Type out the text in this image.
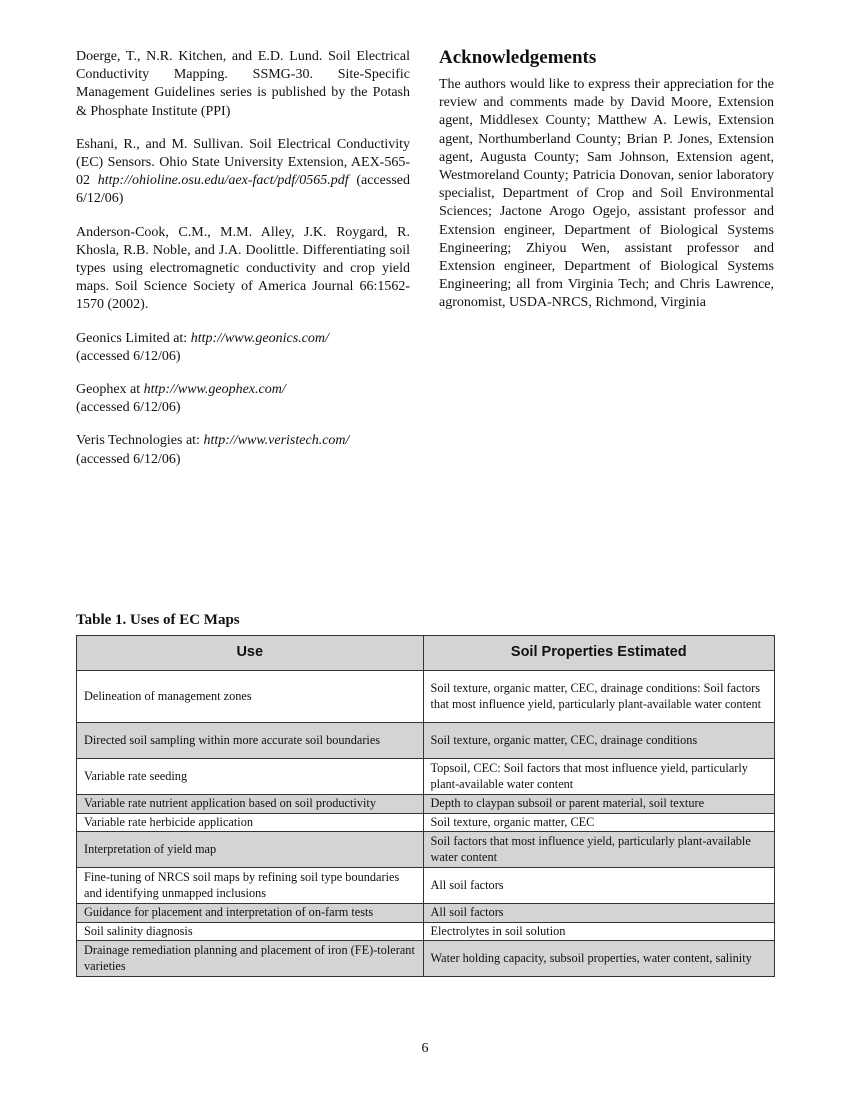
Doerge, T., N.R. Kitchen, and E.D. Lund. Soil Electrical Conductivity Mapping. SSMG-30. Site-Specific Management Guidelines series is published by the Potash & Phosphate Institute (PPI)

Eshani, R., and M. Sullivan. Soil Electrical Conductivity (EC) Sensors. Ohio State University Extension, AEX-565-02 http://ohioline.osu.edu/aex-fact/pdf/0565.pdf (accessed 6/12/06)

Anderson-Cook, C.M., M.M. Alley, J.K. Roygard, R. Khosla, R.B. Noble, and J.A. Doolittle. Differentiating soil types using electromagnetic conductivity and crop yield maps. Soil Science Society of America Journal 66:1562-1570 (2002).

Geonics Limited at: http://www.geonics.com/
(accessed 6/12/06)

Geophex at http://www.geophex.com/
(accessed 6/12/06)

Veris Technologies at: http://www.veristech.com/
(accessed 6/12/06)

Acknowledgements

The authors would like to express their appreciation for the review and comments made by David Moore, Extension agent, Middlesex County; Matthew A. Lewis, Extension agent, Northumberland County; Brian P. Jones, Extension agent, Augusta County; Sam Johnson, Extension agent, Westmoreland County; Patricia Donovan, senior laboratory specialist, Department of Crop and Soil Environmental Sciences; Jactone Arogo Ogejo, assistant professor and Extension engineer, Department of Biological Systems Engineering; Zhiyou Wen, assistant professor and Extension engineer, Department of Biological Systems Engineering; all from Virginia Tech; and Chris Lawrence, agronomist, USDA-NRCS, Richmond, Virginia

Table 1. Uses of EC Maps
Use	Soil Properties Estimated
Delineation of management zones	Soil texture, organic matter, CEC, drainage conditions: Soil factors that most influence yield, particularly plant-available water content
Directed soil sampling within more accurate soil boundaries	Soil texture, organic matter, CEC, drainage conditions
Variable rate seeding	Topsoil, CEC: Soil factors that most influence yield, particularly plant-available water content
Variable rate nutrient application based on soil productivity	Depth to claypan subsoil or parent material, soil texture
Variable rate herbicide application	Soil texture, organic matter, CEC
Interpretation of yield map	Soil factors that most influence yield, particularly plant-available water content
Fine-tuning of NRCS soil maps by refining soil type boundaries and identifying unmapped inclusions	All soil factors
Guidance for placement and interpretation of on-farm tests	All soil factors
Soil salinity diagnosis	Electrolytes in soil solution
Drainage remediation planning and placement of iron (FE)-tolerant varieties	Water holding capacity, subsoil properties, water content, salinity
6
